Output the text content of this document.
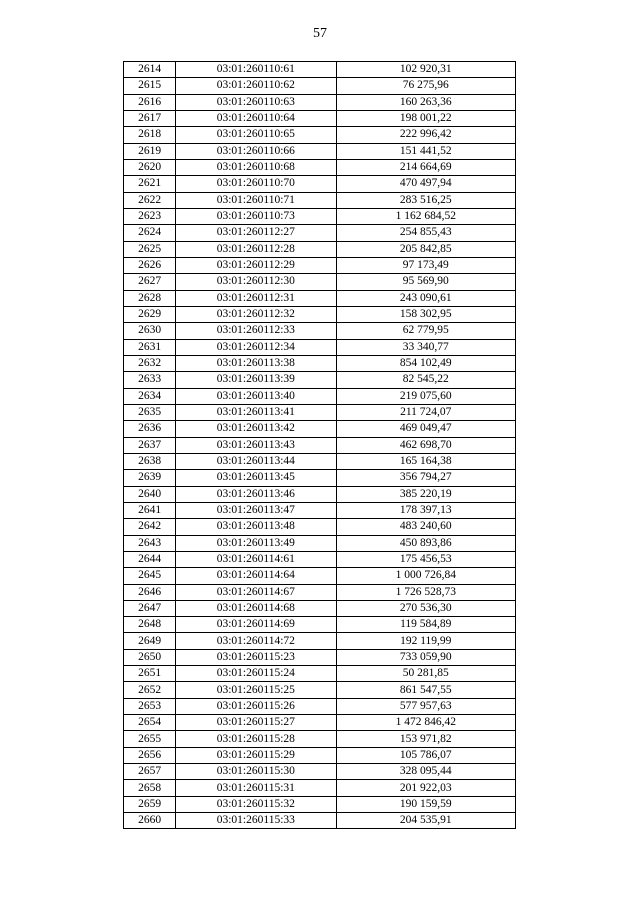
57
2614	03:01:260110:61	102 920,31
2615	03:01:260110:62	76 275,96
2616	03:01:260110:63	160 263,36
2617	03:01:260110:64	198 001,22
2618	03:01:260110:65	222 996,42
2619	03:01:260110:66	151 441,52
2620	03:01:260110:68	214 664,69
2621	03:01:260110:70	470 497,94
2622	03:01:260110:71	283 516,25
2623	03:01:260110:73	1 162 684,52
2624	03:01:260112:27	254 855,43
2625	03:01:260112:28	205 842,85
2626	03:01:260112:29	97 173,49
2627	03:01:260112:30	95 569,90
2628	03:01:260112:31	243 090,61
2629	03:01:260112:32	158 302,95
2630	03:01:260112:33	62 779,95
2631	03:01:260112:34	33 340,77
2632	03:01:260113:38	854 102,49
2633	03:01:260113:39	82 545,22
2634	03:01:260113:40	219 075,60
2635	03:01:260113:41	211 724,07
2636	03:01:260113:42	469 049,47
2637	03:01:260113:43	462 698,70
2638	03:01:260113:44	165 164,38
2639	03:01:260113:45	356 794,27
2640	03:01:260113:46	385 220,19
2641	03:01:260113:47	178 397,13
2642	03:01:260113:48	483 240,60
2643	03:01:260113:49	450 893,86
2644	03:01:260114:61	175 456,53
2645	03:01:260114:64	1 000 726,84
2646	03:01:260114:67	1 726 528,73
2647	03:01:260114:68	270 536,30
2648	03:01:260114:69	119 584,89
2649	03:01:260114:72	192 119,99
2650	03:01:260115:23	733 059,90
2651	03:01:260115:24	50 281,85
2652	03:01:260115:25	861 547,55
2653	03:01:260115:26	577 957,63
2654	03:01:260115:27	1 472 846,42
2655	03:01:260115:28	153 971,82
2656	03:01:260115:29	105 786,07
2657	03:01:260115:30	328 095,44
2658	03:01:260115:31	201 922,03
2659	03:01:260115:32	190 159,59
2660	03:01:260115:33	204 535,91
